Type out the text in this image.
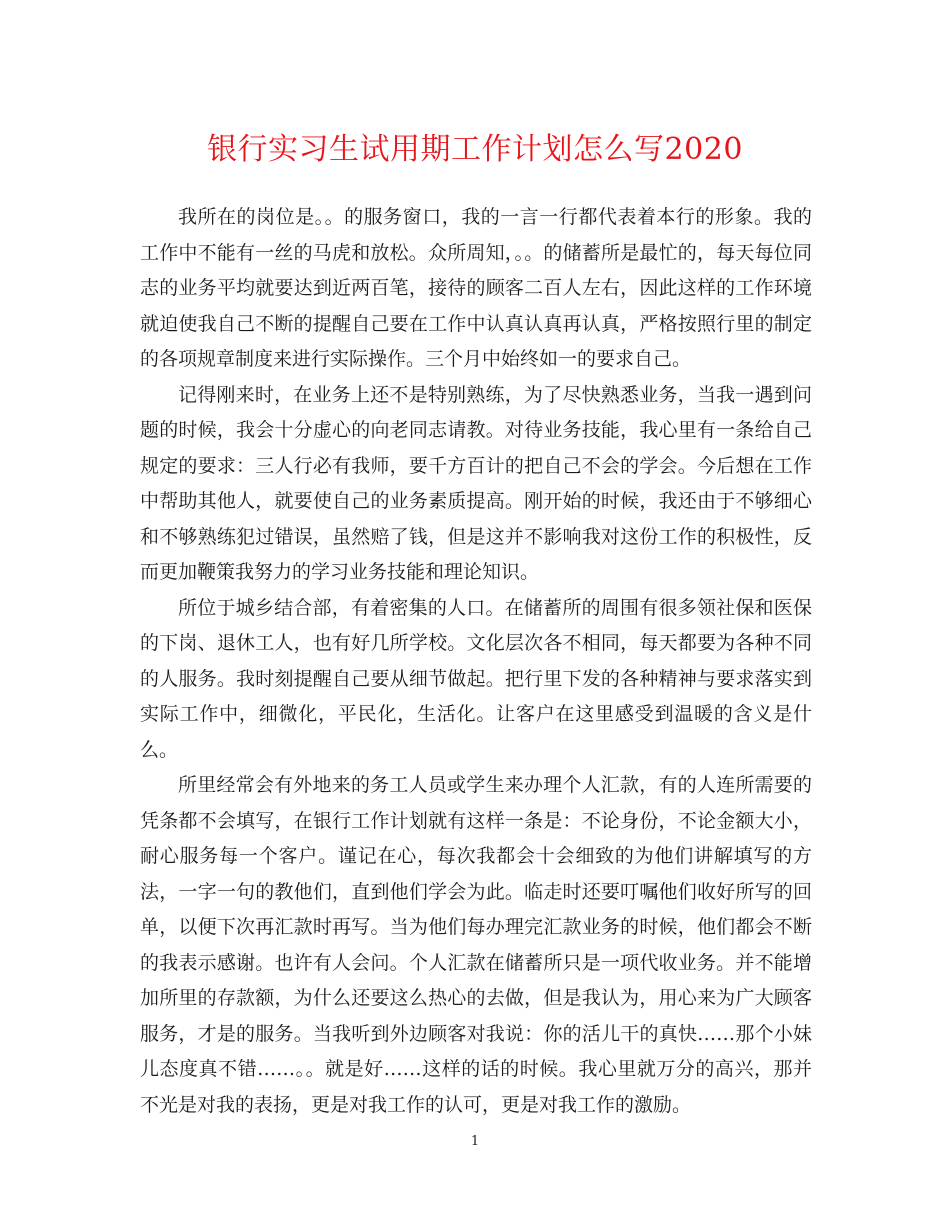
银行实习生试用期工作计划怎么写2020

我所在的岗位是。。的服务窗口，我的一言一行都代表着本行的形象。我的工作中不能有一丝的马虎和放松。众所周知，。。的储蓄所是最忙的，每天每位同志的业务平均就要达到近两百笔，接待的顾客二百人左右，因此这样的工作环境就迫使我自己不断的提醒自己要在工作中认真认真再认真，严格按照行里的制定的各项规章制度来进行实际操作。三个月中始终如一的要求自己。

记得刚来时，在业务上还不是特别熟练，为了尽快熟悉业务，当我一遇到问题的时候，我会十分虚心的向老同志请教。对待业务技能，我心里有一条给自己规定的要求：三人行必有我师，要千方百计的把自己不会的学会。今后想在工作中帮助其他人，就要使自己的业务素质提高。刚开始的时候，我还由于不够细心和不够熟练犯过错误，虽然赔了钱，但是这并不影响我对这份工作的积极性，反而更加鞭策我努力的学习业务技能和理论知识。

所位于城乡结合部，有着密集的人口。在储蓄所的周围有很多领社保和医保的下岗、退休工人，也有好几所学校。文化层次各不相同，每天都要为各种不同的人服务。我时刻提醒自己要从细节做起。把行里下发的各种精神与要求落实到实际工作中，细微化，平民化，生活化。让客户在这里感受到温暖的含义是什么。

所里经常会有外地来的务工人员或学生来办理个人汇款，有的人连所需要的凭条都不会填写，在银行工作计划就有这样一条是：不论身份，不论金额大小，耐心服务每一个客户。谨记在心，每次我都会十会细致的为他们讲解填写的方法，一字一句的教他们，直到他们学会为此。临走时还要叮嘱他们收好所写的回单，以便下次再汇款时再写。当为他们每办理完汇款业务的时候，他们都会不断的我表示感谢。也许有人会问。个人汇款在储蓄所只是一项代收业务。并不能增加所里的存款额，为什么还要这么热心的去做，但是我认为，用心来为广大顾客服务，才是的服务。当我听到外边顾客对我说：你的活儿干的真快……那个小妹儿态度真不错……。。就是好……这样的话的时候。我心里就万分的高兴，那并不光是对我的表扬，更是对我工作的认可，更是对我工作的激励。

1
